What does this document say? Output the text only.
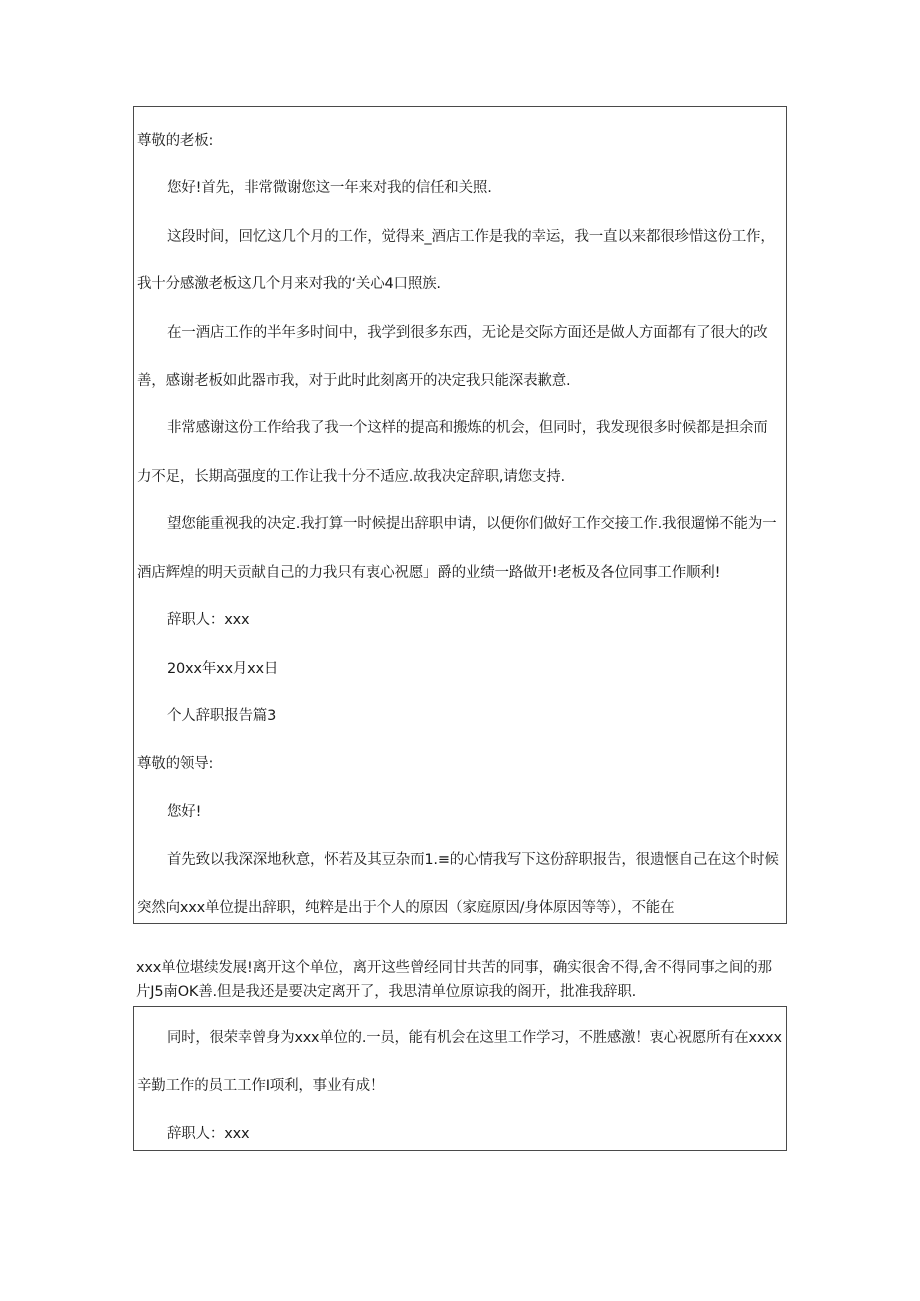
尊敬的老板:
您好!首先，非常微谢您这一年来对我的信任和关照.
这段时间，回忆这几个月的工作，觉得来_酒店工作是我的幸运，我一直以来都很珍惜这份工作，
我十分感激老板这几个月来对我的‘关心4口照族.
在一酒店工作的半年多时间中，我学到很多东西，无论是交际方面还是做人方面都有了很大的改
善，感谢老板如此器市我，对于此时此刻离开的决定我只能深表歉意.
非常感谢这份工作给我了我一个这样的提高和搬炼的机会，但同时，我发现很多时候都是担余而
力不足，长期高强度的工作让我十分不适应.故我决定辞职,请您支持.
望您能重视我的决定.我打算一时候提出辞职申请，以便你们做好工作交接工作.我很遛悌不能为一
酒店辉煌的明天贡献自己的力我只有衷心祝愿」爵的业绩一路做开!老板及各位同事工作顺利!
辞职人：xxx
20xx年xx月xx日
个人辞职报告篇3
尊敬的领导:
您好!
首先致以我深深地秋意，怀若及其豆杂而1.≡的心情我写下这份辞职报告，很遗惬自己在这个时候
突然向xxx单位提出辞职，纯粹是出于个人的原因（家庭原因/身体原因等等），不能在
xxx单位堪续发展!离开这个单位，离开这些曾经同甘共苦的同事，确实很舍不得,舍不得同事之间的那
片J5南OK善.但是我还是要决定离开了，我思清单位原谅我的阁开，批准我辞职.
同时，很荣幸曾身为xxx单位的.一员，能有机会在这里工作学习，不胜感激！衷心祝愿所有在xxxx
辛勤工作的员工工作I项利，事业有成！
辞职人：xxx
